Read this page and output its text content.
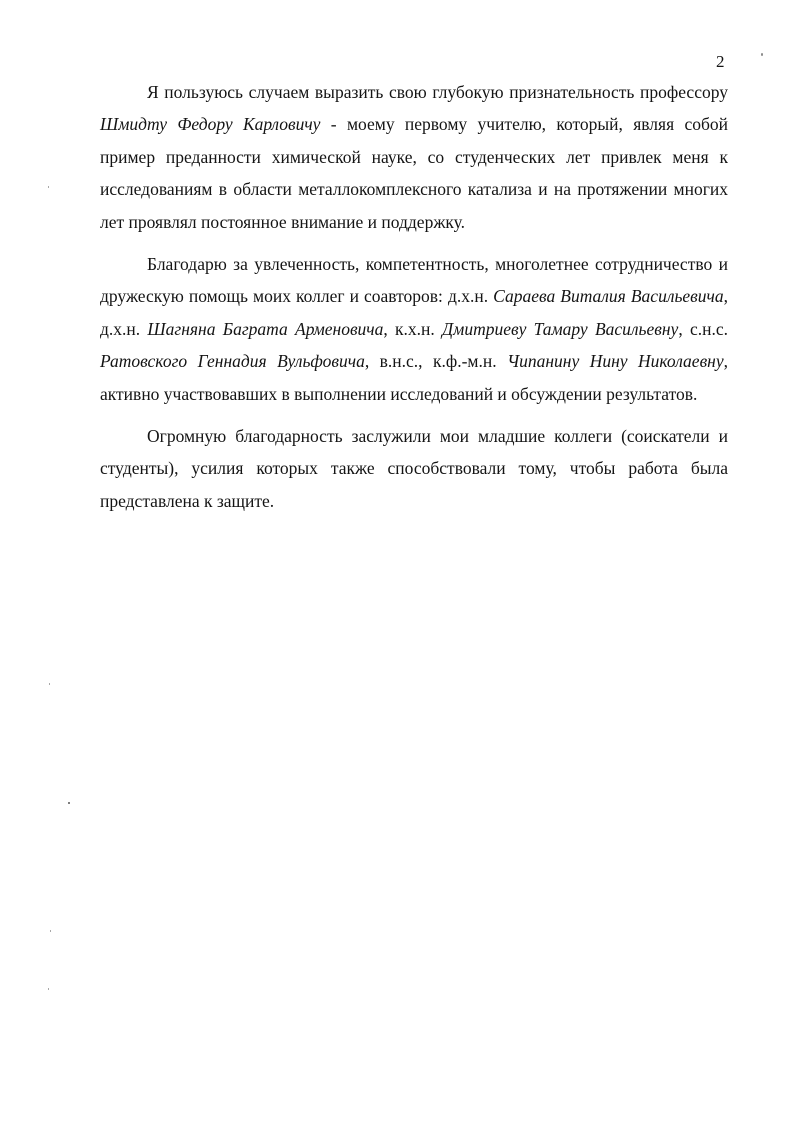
2

Я пользуюсь случаем выразить свою глубокую признательность профессору Шмидту Федору Карловичу - моему первому учителю, который, являя собой пример преданности химической науке, со студенческих лет привлек меня к исследованиям в области металлокомплексного катализа и на протяжении многих лет проявлял постоянное внимание и поддержку.

Благодарю за увлеченность, компетентность, многолетнее сотрудничество и дружескую помощь моих коллег и соавторов: д.х.н. Сараева Виталия Васильевича, д.х.н. Шагняна Баграта Арменовича, к.х.н. Дмитриеву Тамару Васильевну, с.н.с. Ратовского Геннадия Вульфовича, в.н.с., к.ф.-м.н. Чипанину Нину Николаевну, активно участвовавших в выполнении исследований и обсуждении результатов.

Огромную благодарность заслужили мои младшие коллеги (соискатели и студенты), усилия которых также способствовали тому, чтобы работа была представлена к защите.
